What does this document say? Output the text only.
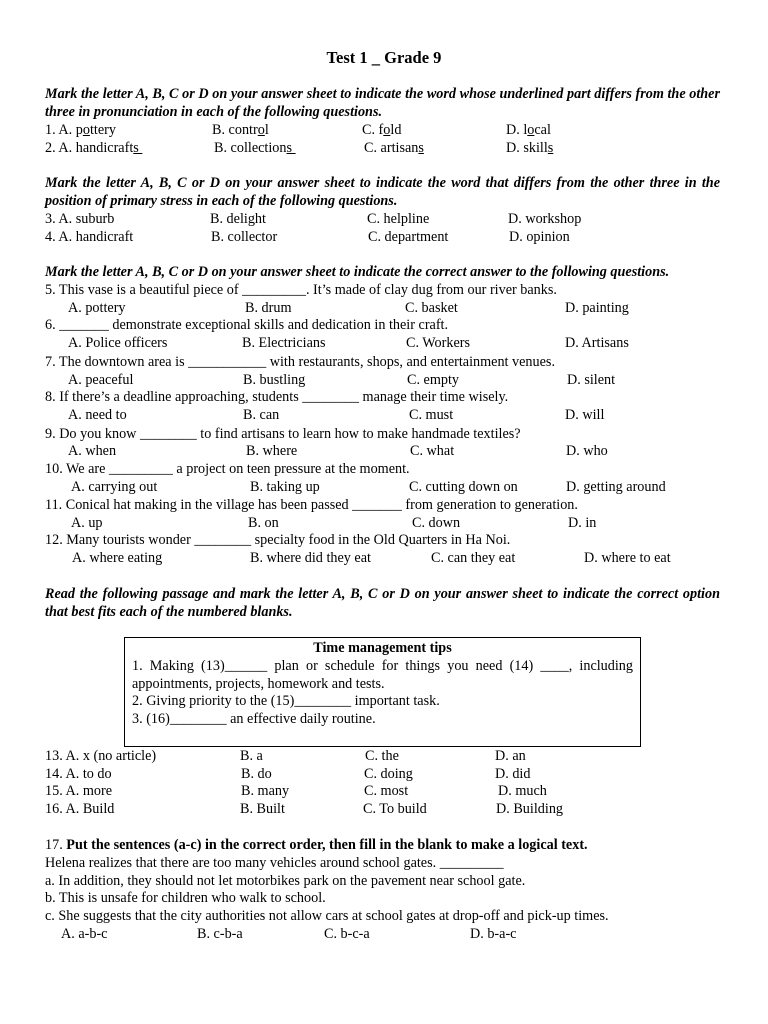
Test 1 _ Grade 9
Mark the letter A, B, C or D on your answer sheet to indicate the word whose underlined part differs from the other three in pronunciation in each of the following questions.
1. A. pottery	B. control	C. fold	D. local
2. A. handicrafts	B. collections	C. artisans	D. skills
Mark the letter A, B, C or D on your answer sheet to indicate the word that differs from the other three in the position of primary stress in each of the following questions.
3. A. suburb	B. delight	C. helpline	D. workshop
4. A. handicraft	B. collector	C. department	D. opinion
Mark the letter A, B, C or D on your answer sheet to indicate the correct answer to the following questions.
5. This vase is a beautiful piece of _________. It’s made of clay dug from our river banks.
A. pottery	B. drum	C. basket	D. painting
6. _______ demonstrate exceptional skills and dedication in their craft.
A. Police officers	B. Electricians	C. Workers	D. Artisans
7. The downtown area is ___________ with restaurants, shops, and entertainment venues.
A. peaceful	B. bustling	C. empty	D. silent
8. If there’s a deadline approaching, students ________ manage their time wisely.
A. need to	B. can	C. must	D. will
9. Do you know ________ to find artisans to learn how to make handmade textiles?
A. when	B. where	C. what	D. who
10. We are _________ a project on teen pressure at the moment.
A. carrying out	B. taking up	C. cutting down on	D. getting around
11. Conical hat making in the village has been passed _______ from generation to generation.
A. up	B. on	C. down	D. in
12. Many tourists wonder ________ specialty food in the Old Quarters in Ha Noi.
A. where eating	B. where did they eat	C. can they eat	D. where to eat
Read the following passage and mark the letter A, B, C or D on your answer sheet to indicate the correct option that best fits each of the numbered blanks.
Time management tips
1. Making (13)______ plan or schedule for things you need (14) ____, including appointments, projects, homework and tests.
2. Giving priority to the (15)________ important task.
3. (16)________ an effective daily routine.
13. A. x (no article)	B. a	C. the	D. an
14. A. to do	B. do	C. doing	D. did
15. A. more	B. many	C. most	D. much
16. A. Build	B. Built	C. To build	D. Building
17. Put the sentences (a-c) in the correct order, then fill in the blank to make a logical text.
Helena realizes that there are too many vehicles around school gates. _________
a. In addition, they should not let motorbikes park on the pavement near school gate.
b. This is unsafe for children who walk to school.
c. She suggests that the city authorities not allow cars at school gates at drop-off and pick-up times.
A. a-b-c	B. c-b-a	C. b-c-a	D. b-a-c
